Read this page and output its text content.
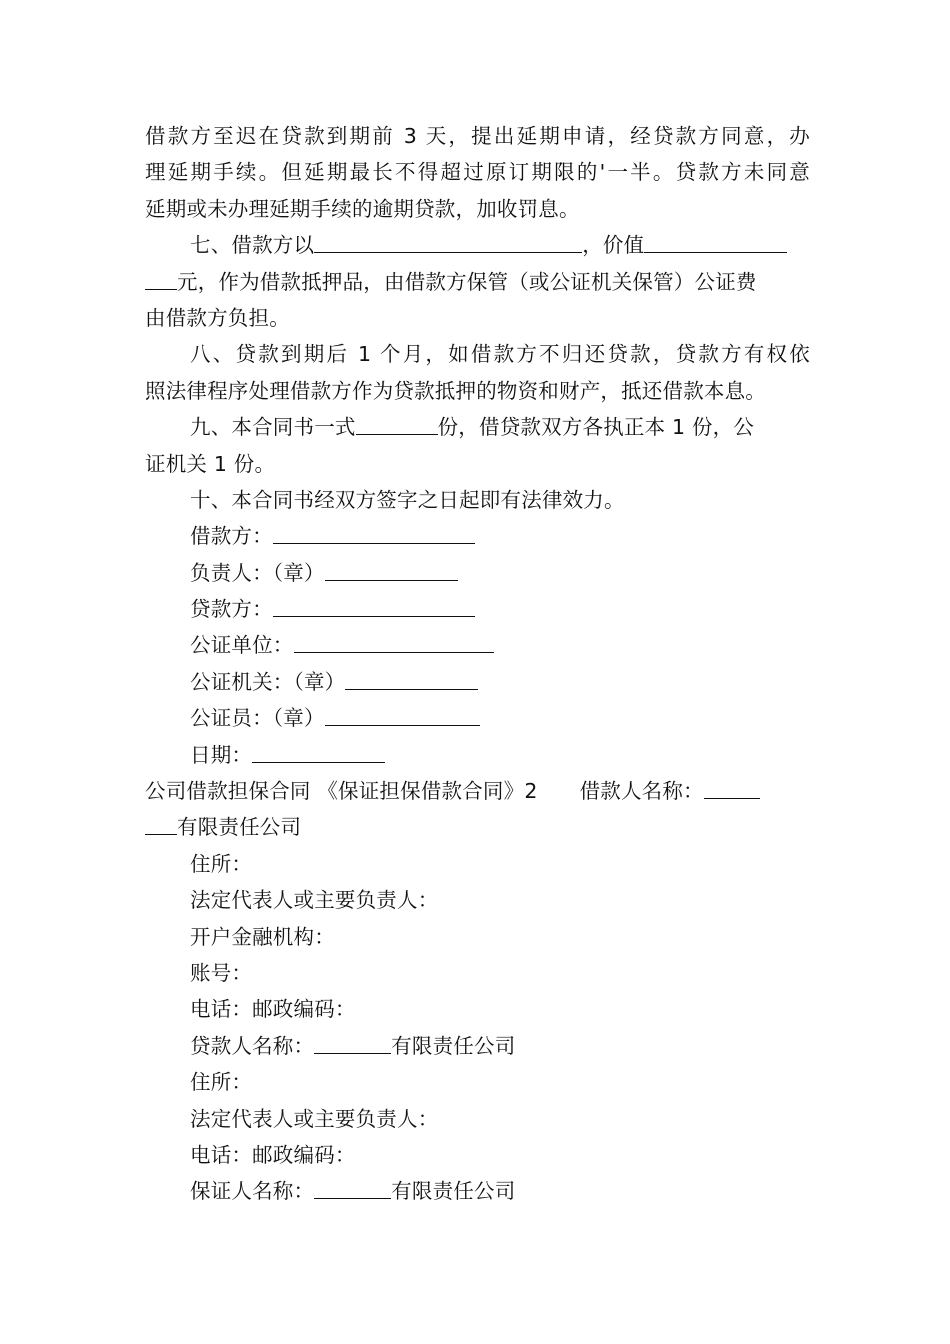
借款方至迟在贷款到期前 3 天，提出延期申请，经贷款方同意，办
理延期手续。但延期最长不得超过原订期限的'一半。贷款方未同意
延期或未办理延期手续的逾期贷款，加收罚息。
七、借款方以	，价值
元，作为借款抵押品，由借款方保管（或公证机关保管）公证费
由借款方负担。
八、贷款到期后 1 个月，如借款方不归还贷款，贷款方有权依
照法律程序处理借款方作为贷款抵押的物资和财产，抵还借款本息。
九、本合同书一式	份，借贷款双方各执正本 1 份，公
证机关 1 份。
十、本合同书经双方签字之日起即有法律效力。
借款方：
负责人：（章）
贷款方：
公证单位：
公证机关：（章）
公证员：（章）
日期：
公司借款担保合同 《保证担保借款合同》2 借款人名称：
有限责任公司
住所：
法定代表人或主要负责人：
开户金融机构：
账号：
电话：邮政编码：
贷款人名称：	有限责任公司
住所：
法定代表人或主要负责人：
电话：邮政编码：
保证人名称：	有限责任公司
